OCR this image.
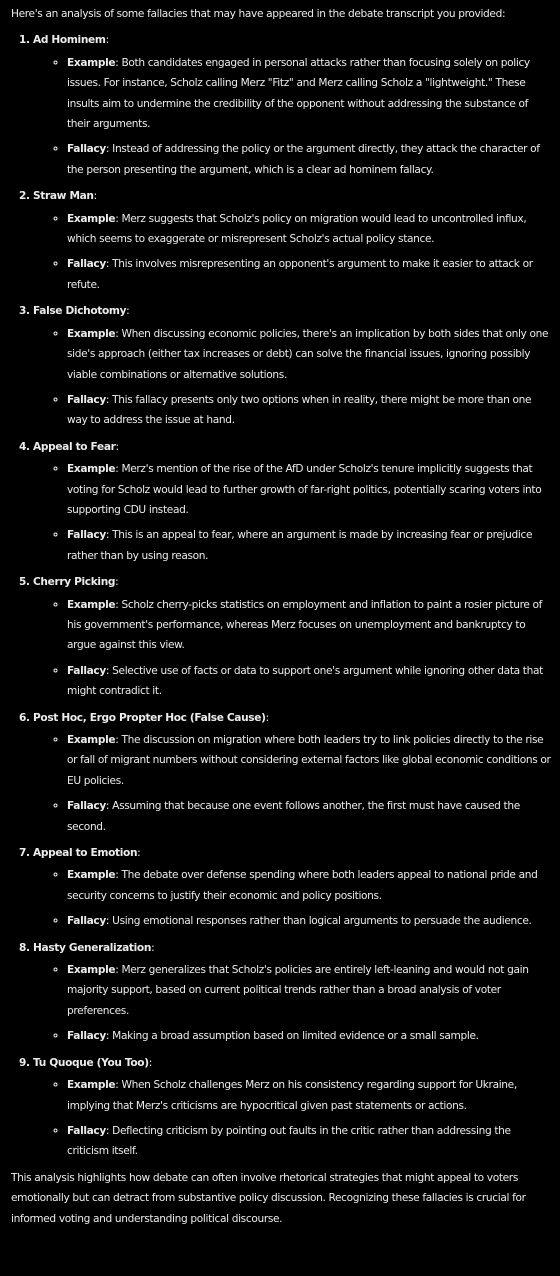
Here's an analysis of some fallacies that may have appeared in the debate transcript you provided:

1. Ad Hominem:
◦ Example: Both candidates engaged in personal attacks rather than focusing solely on policy issues. For instance, Scholz calling Merz "Fitz" and Merz calling Scholz a "lightweight." These insults aim to undermine the credibility of the opponent without addressing the substance of their arguments.
◦ Fallacy: Instead of addressing the policy or the argument directly, they attack the character of the person presenting the argument, which is a clear ad hominem fallacy.
2. Straw Man:
◦ Example: Merz suggests that Scholz's policy on migration would lead to uncontrolled influx, which seems to exaggerate or misrepresent Scholz's actual policy stance.
◦ Fallacy: This involves misrepresenting an opponent's argument to make it easier to attack or refute.
3. False Dichotomy:
◦ Example: When discussing economic policies, there's an implication by both sides that only one side's approach (either tax increases or debt) can solve the financial issues, ignoring possibly viable combinations or alternative solutions.
◦ Fallacy: This fallacy presents only two options when in reality, there might be more than one way to address the issue at hand.
4. Appeal to Fear:
◦ Example: Merz's mention of the rise of the AfD under Scholz's tenure implicitly suggests that voting for Scholz would lead to further growth of far-right politics, potentially scaring voters into supporting CDU instead.
◦ Fallacy: This is an appeal to fear, where an argument is made by increasing fear or prejudice rather than by using reason.
5. Cherry Picking:
◦ Example: Scholz cherry-picks statistics on employment and inflation to paint a rosier picture of his government's performance, whereas Merz focuses on unemployment and bankruptcy to argue against this view.
◦ Fallacy: Selective use of facts or data to support one's argument while ignoring other data that might contradict it.
6. Post Hoc, Ergo Propter Hoc (False Cause):
◦ Example: The discussion on migration where both leaders try to link policies directly to the rise or fall of migrant numbers without considering external factors like global economic conditions or EU policies.
◦ Fallacy: Assuming that because one event follows another, the first must have caused the second.
7. Appeal to Emotion:
◦ Example: The debate over defense spending where both leaders appeal to national pride and security concerns to justify their economic and policy positions.
◦ Fallacy: Using emotional responses rather than logical arguments to persuade the audience.
8. Hasty Generalization:
◦ Example: Merz generalizes that Scholz's policies are entirely left-leaning and would not gain majority support, based on current political trends rather than a broad analysis of voter preferences.
◦ Fallacy: Making a broad assumption based on limited evidence or a small sample.
9. Tu Quoque (You Too):
◦ Example: When Scholz challenges Merz on his consistency regarding support for Ukraine, implying that Merz's criticisms are hypocritical given past statements or actions.
◦ Fallacy: Deflecting criticism by pointing out faults in the critic rather than addressing the criticism itself.

This analysis highlights how debate can often involve rhetorical strategies that might appeal to voters emotionally but can detract from substantive policy discussion. Recognizing these fallacies is crucial for informed voting and understanding political discourse.
